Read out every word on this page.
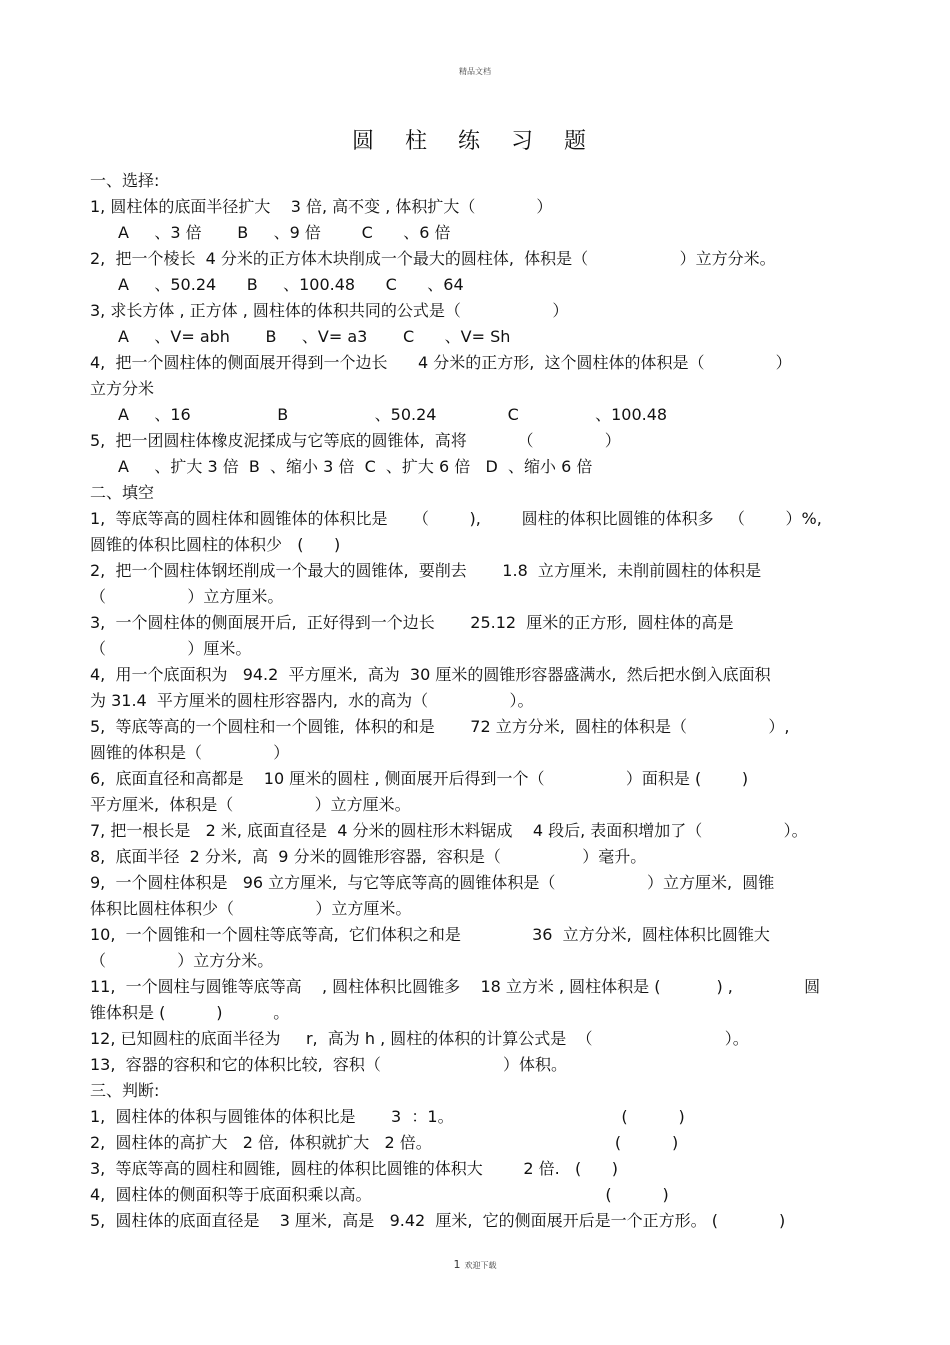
精品文档
圆 柱 练 习 题
一、选择:
1, 圆柱体的底面半径扩大    3 倍, 高不变 , 体积扩大（            ）
A     、3 倍       B     、9 倍        C      、6 倍
2,  把一个棱长  4 分米的正方体木块削成一个最大的圆柱体,  体积是（                  ）立方分米。
A     、50.24      B     、100.48      C      、64
3, 求长方体 , 正方体 , 圆柱体的体积共同的公式是（                  ）
A     、V= abh       B     、V= a3       C      、V= Sh
4,  把一个圆柱体的侧面展开得到一个边长      4 分米的正方形,  这个圆柱体的体积是（              ）
立方分米
A     、16                 B                 、50.24              C               、100.48
5,  把一团圆柱体橡皮泥揉成与它等底的圆锥体,  高将          （              ）
A     、扩大 3 倍  B  、缩小 3 倍  C  、扩大 6 倍   D  、缩小 6 倍
二、填空
1,  等底等高的圆柱体和圆锥体的体积比是     （        ),        圆柱的体积比圆锥的体积多   （        ）%,
圆锥的体积比圆柱的体积少   (      )
2,  把一个圆柱体钢坯削成一个最大的圆锥体,  要削去       1.8  立方厘米,  未削前圆柱的体积是
（                ）立方厘米。
3,  一个圆柱体的侧面展开后,  正好得到一个边长       25.12  厘米的正方形,  圆柱体的高是
（                ）厘米。
4,  用一个底面积为   94.2  平方厘米,  高为  30 厘米的圆锥形容器盛满水,  然后把水倒入底面积
为 31.4  平方厘米的圆柱形容器内,  水的高为（                ）。
5,  等底等高的一个圆柱和一个圆锥,  体积的和是       72 立方分米,  圆柱的体积是（                ）,
圆锥的体积是（              ）
6,  底面直径和高都是    10 厘米的圆柱 , 侧面展开后得到一个（                ）面积是 (        )
平方厘米,  体积是（                ）立方厘米。
7, 把一根长是   2 米, 底面直径是  4 分米的圆柱形木料锯成    4 段后, 表面积增加了（                ）。
8,  底面半径  2 分米,  高  9 分米的圆锥形容器,  容积是（                ）毫升。
9,  一个圆柱体积是   96 立方厘米,  与它等底等高的圆锥体积是（                  ）立方厘米,  圆锥
体积比圆柱体积少（                ）立方厘米。
10,  一个圆锥和一个圆柱等底等高,  它们体积之和是              36  立方分米,  圆柱体积比圆锥大
（              ）立方分米。
11,  一个圆柱与圆锥等底等高    , 圆柱体积比圆锥多    18 立方米 , 圆柱体积是 (           ) ,              圆
锥体积是 (          )          。
12, 已知圆柱的底面半径为     r,  高为 h , 圆柱的体积的计算公式是  （                          ）。
13,  容器的容积和它的体积比较,  容积（                        ）体积。
三、判断:
1,  圆柱体的体积与圆锥体的体积比是       3  ：1。                                 (          )
2,  圆柱体的高扩大   2 倍,  体积就扩大   2 倍。                                    (          )
3,  等底等高的圆柱和圆锥,  圆柱的体积比圆锥的体积大        2 倍.   (      )
4,  圆柱体的侧面积等于底面积乘以高。                                              (          )
5,  圆柱体的底面直径是    3 厘米,  高是   9.42  厘米,  它的侧面展开后是一个正方形。 (            )
1 欢迎下载
